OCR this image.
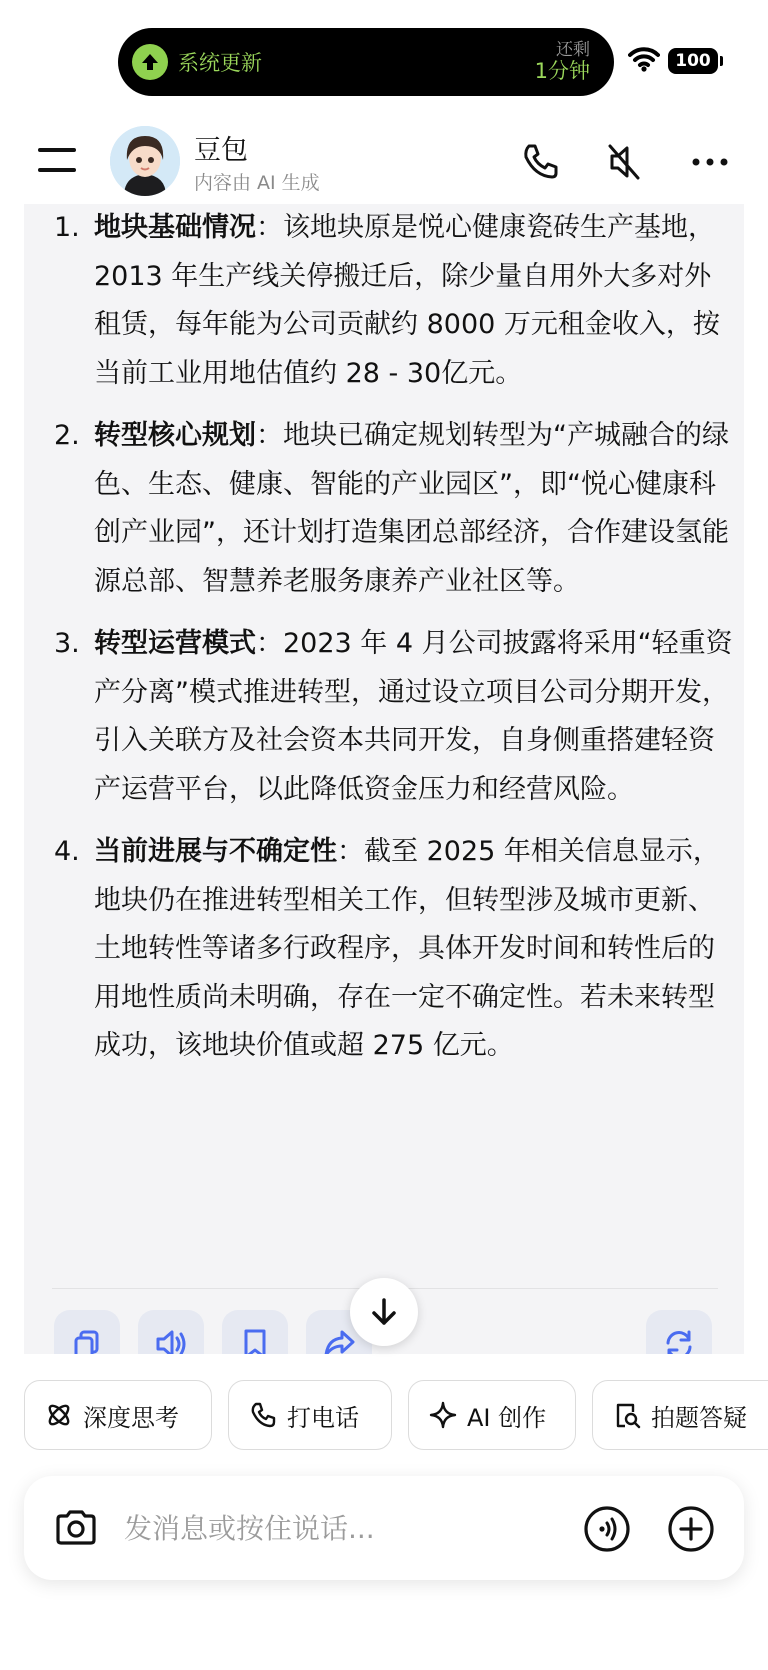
系统更新
还剩
1分钟	100
豆包
内容由 AI 生成
1. 地块基础情况：该地块原是悦心健康瓷砖生产基地，2013 年生产线关停搬迁后，除少量自用外大多对外租赁，每年能为公司贡献约 8000 万元租金收入，按当前工业用地估值约 28 - 30亿元。
2. 转型核心规划：地块已确定规划转型为“产城融合的绿色、生态、健康、智能的产业园区”，即“悦心健康科创产业园”，还计划打造集团总部经济，合作建设氢能源总部、智慧养老服务康养产业社区等。
3. 转型运营模式：2023 年 4 月公司披露将采用“轻重资产分离”模式推进转型，通过设立项目公司分期开发，引入关联方及社会资本共同开发，自身侧重搭建轻资产运营平台，以此降低资金压力和经营风险。
4. 当前进展与不确定性：截至 2025 年相关信息显示，地块仍在推进转型相关工作，但转型涉及城市更新、土地转性等诸多行政程序，具体开发时间和转性后的用地性质尚未明确，存在一定不确定性。若未来转型成功，该地块价值或超 275 亿元。
深度思考	打电话	AI 创作	拍题答疑
发消息或按住说话...
